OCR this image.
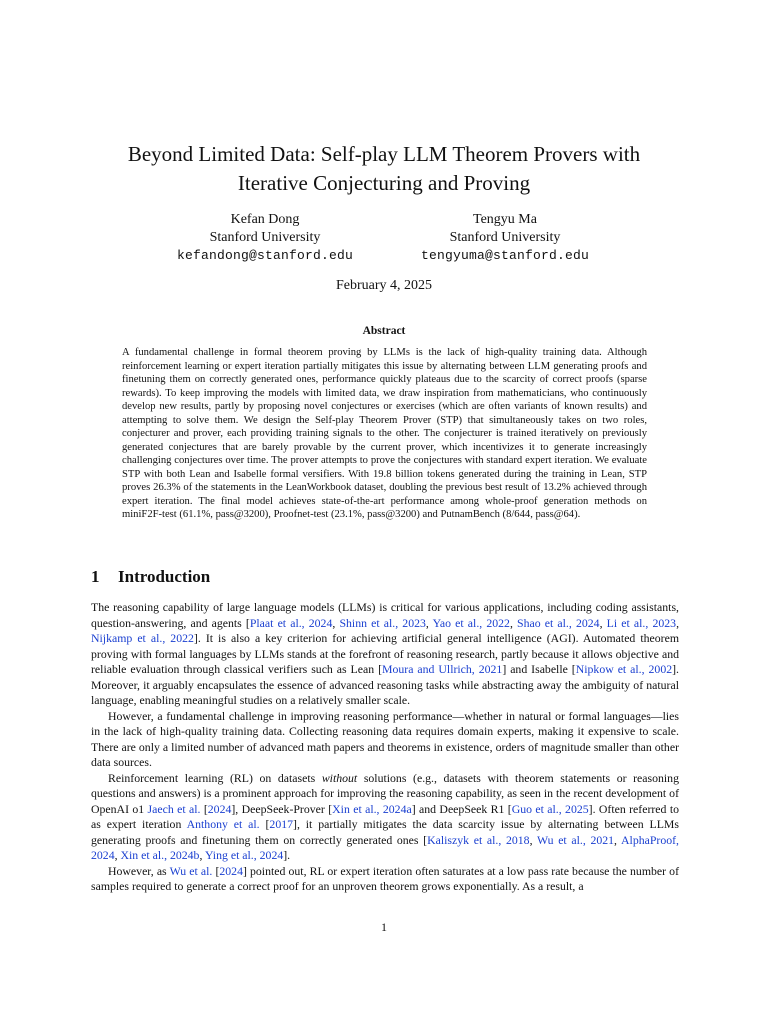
Beyond Limited Data: Self-play LLM Theorem Provers with
Iterative Conjecturing and Proving
Kefan Dong
Stanford University
kefandong@stanford.edu
Tengyu Ma
Stanford University
tengyuma@stanford.edu
February 4, 2025
Abstract
A fundamental challenge in formal theorem proving by LLMs is the lack of high-quality training data. Although reinforcement learning or expert iteration partially mitigates this issue by alternating between LLM generating proofs and finetuning them on correctly generated ones, performance quickly plateaus due to the scarcity of correct proofs (sparse rewards). To keep improving the models with limited data, we draw inspiration from mathematicians, who continuously develop new results, partly by proposing novel conjectures or exercises (which are often variants of known results) and attempting to solve them. We design the Self-play Theorem Prover (STP) that simultaneously takes on two roles, conjecturer and prover, each providing training signals to the other. The conjecturer is trained iteratively on previously generated conjectures that are barely provable by the current prover, which incentivizes it to generate increasingly challenging conjectures over time. The prover attempts to prove the conjectures with standard expert iteration. We evaluate STP with both Lean and Isabelle formal versifiers. With 19.8 billion tokens generated during the training in Lean, STP proves 26.3% of the statements in the LeanWorkbook dataset, doubling the previous best result of 13.2% achieved through expert iteration. The final model achieves state-of-the-art performance among whole-proof generation methods on miniF2F-test (61.1%, pass@3200), Proofnet-test (23.1%, pass@3200) and PutnamBench (8/644, pass@64).
1 Introduction

The reasoning capability of large language models (LLMs) is critical for various applications, including coding assistants, question-answering, and agents [Plaat et al., 2024, Shinn et al., 2023, Yao et al., 2022, Shao et al., 2024, Li et al., 2023, Nijkamp et al., 2022]. It is also a key criterion for achieving artificial general intelligence (AGI). Automated theorem proving with formal languages by LLMs stands at the forefront of reasoning research, partly because it allows objective and reliable evaluation through classical verifiers such as Lean [Moura and Ullrich, 2021] and Isabelle [Nipkow et al., 2002]. Moreover, it arguably encapsulates the essence of advanced reasoning tasks while abstracting away the ambiguity of natural language, enabling meaningful studies on a relatively smaller scale.

However, a fundamental challenge in improving reasoning performance—whether in natural or formal languages—lies in the lack of high-quality training data. Collecting reasoning data requires domain experts, making it expensive to scale. There are only a limited number of advanced math papers and theorems in existence, orders of magnitude smaller than other data sources.

Reinforcement learning (RL) on datasets without solutions (e.g., datasets with theorem statements or reasoning questions and answers) is a prominent approach for improving the reasoning capability, as seen in the recent development of OpenAI o1 Jaech et al. [2024], DeepSeek-Prover [Xin et al., 2024a] and DeepSeek R1 [Guo et al., 2025]. Often referred to as expert iteration Anthony et al. [2017], it partially mitigates the data scarcity issue by alternating between LLMs generating proofs and finetuning them on correctly generated ones [Kaliszyk et al., 2018, Wu et al., 2021, AlphaProof, 2024, Xin et al., 2024b, Ying et al., 2024].

However, as Wu et al. [2024] pointed out, RL or expert iteration often saturates at a low pass rate because the number of samples required to generate a correct proof for an unproven theorem grows exponentially. As a result, a

1
